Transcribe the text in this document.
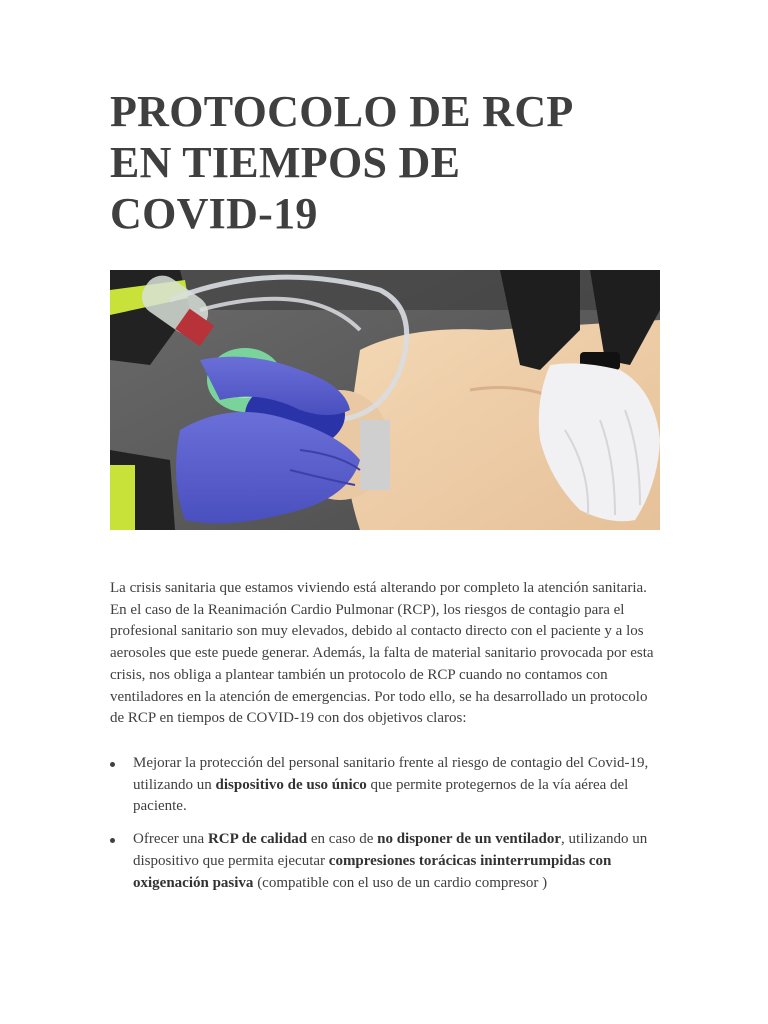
PROTOCOLO DE RCP
EN TIEMPOS DE
COVID-19

La crisis sanitaria que estamos viviendo está alterando por completo la atención sanitaria. En el caso de la Reanimación Cardio Pulmonar (RCP), los riesgos de contagio para el profesional sanitario son muy elevados, debido al contacto directo con el paciente y a los aerosoles que este puede generar. Además, la falta de material sanitario provocada por esta crisis, nos obliga a plantear también un protocolo de RCP cuando no contamos con ventiladores en la atención de emergencias. Por todo ello, se ha desarrollado un protocolo de RCP en tiempos de COVID-19 con dos objetivos claros:

Mejorar la protección del personal sanitario frente al riesgo de contagio del Covid-19, utilizando un dispositivo de uso único que permite protegernos de la vía aérea del paciente.
Ofrecer una RCP de calidad en caso de no disponer de un ventilador, utilizando un dispositivo que permita ejecutar compresiones torácicas ininterrumpidas con oxigenación pasiva (compatible con el uso de un cardio compresor )
